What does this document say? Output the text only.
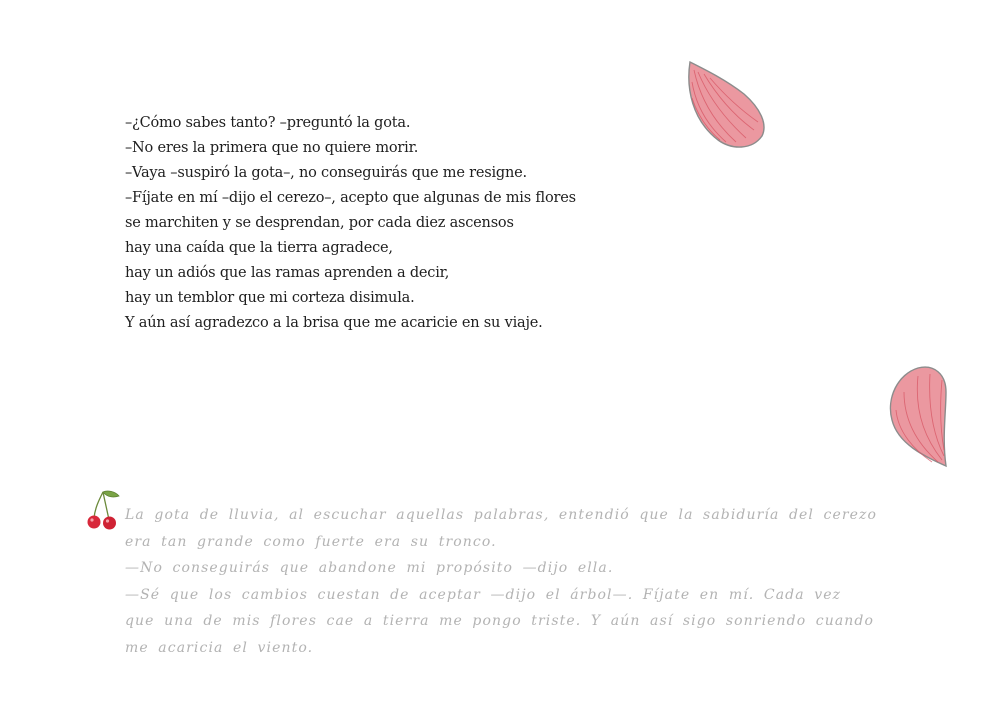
–¿Cómo sabes tanto? –preguntó la gota.
–No eres la primera que no quiere morir.
–Vaya –suspiró la gota–, no conseguirás que me resigne.
–Fíjate en mí –dijo el cerezo–, acepto que algunas de mis flores
se marchiten y se desprendan, por cada diez ascensos
hay una caída que la tierra agradece,
hay un adiós que las ramas aprenden a decir,
hay un temblor que mi corteza disimula.
Y aún así agradezco a la brisa que me acaricie en su viaje.
La gota de lluvia, al escuchar aquellas palabras, entendió que la sabiduría del cerezo
era tan grande como fuerte era su tronco.
—No conseguirás que abandone mi propósito —dijo ella.
—Sé que los cambios cuestan de aceptar —dijo el árbol—. Fíjate en mí. Cada vez
que una de mis flores cae a tierra me pongo triste. Y aún así sigo sonriendo cuando
me acaricia el viento.
